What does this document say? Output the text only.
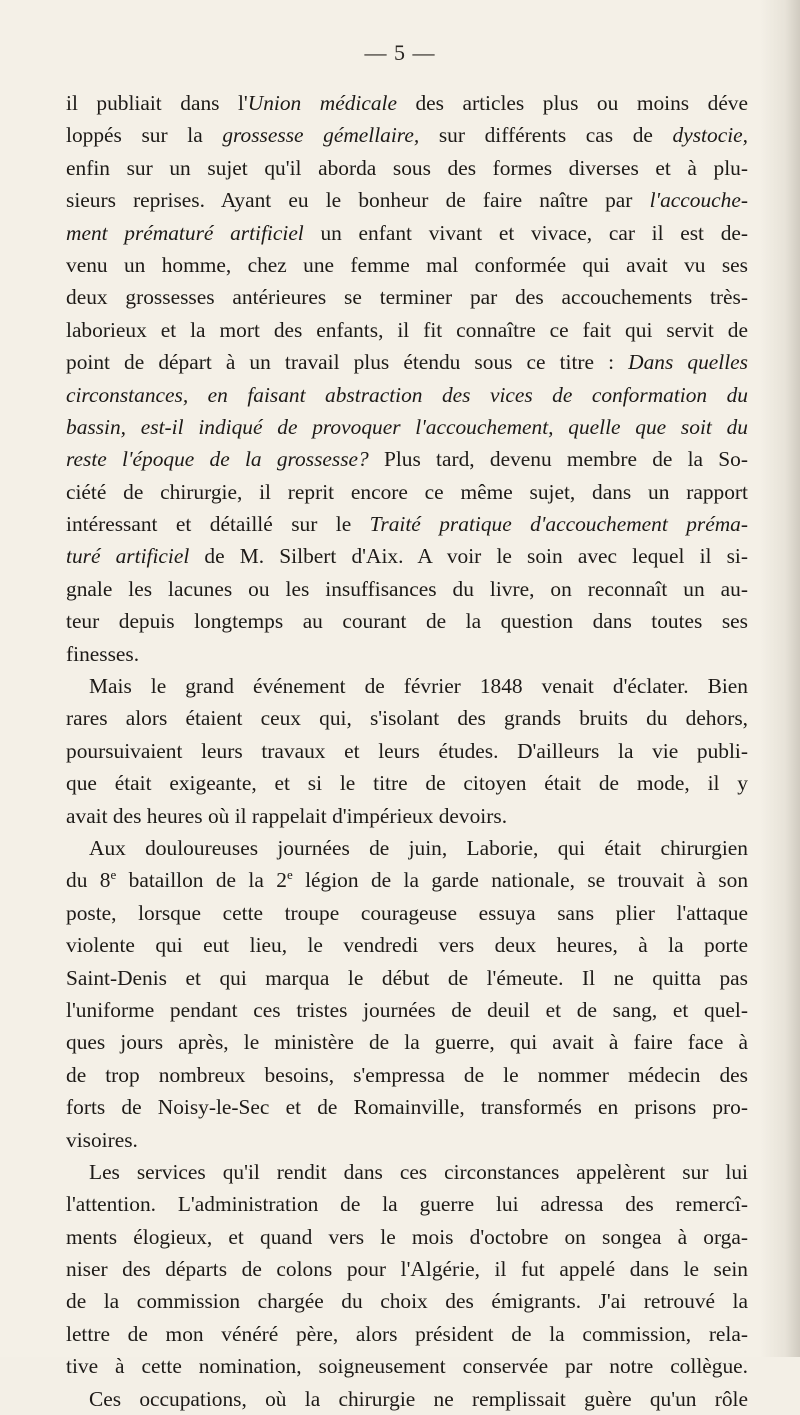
— 5 —
il publiait dans l'Union médicale des articles plus ou moins déve
loppés sur la grossesse gémellaire, sur différents cas de dystocie,
enfin sur un sujet qu'il aborda sous des formes diverses et à plu-
sieurs reprises. Ayant eu le bonheur de faire naître par l'accouche-
ment prématuré artificiel un enfant vivant et vivace, car il est de-
venu un homme, chez une femme mal conformée qui avait vu ses
deux grossesses antérieures se terminer par des accouchements très-
laborieux et la mort des enfants, il fit connaître ce fait qui servit de
point de départ à un travail plus étendu sous ce titre : Dans quelles
circonstances, en faisant abstraction des vices de conformation du
bassin, est-il indiqué de provoquer l'accouchement, quelle que soit du
reste l'époque de la grossesse? Plus tard, devenu membre de la So-
ciété de chirurgie, il reprit encore ce même sujet, dans un rapport
intéressant et détaillé sur le Traité pratique d'accouchement préma-
turé artificiel de M. Silbert d'Aix. A voir le soin avec lequel il si-
gnale les lacunes ou les insuffisances du livre, on reconnaît un au-
teur depuis longtemps au courant de la question dans toutes ses
finesses.
Mais le grand événement de février 1848 venait d'éclater. Bien
rares alors étaient ceux qui, s'isolant des grands bruits du dehors,
poursuivaient leurs travaux et leurs études. D'ailleurs la vie publi-
que était exigeante, et si le titre de citoyen était de mode, il y
avait des heures où il rappelait d'impérieux devoirs.
Aux douloureuses journées de juin, Laborie, qui était chirurgien
du 8e bataillon de la 2e légion de la garde nationale, se trouvait à son
poste, lorsque cette troupe courageuse essuya sans plier l'attaque
violente qui eut lieu, le vendredi vers deux heures, à la porte
Saint-Denis et qui marqua le début de l'émeute. Il ne quitta pas
l'uniforme pendant ces tristes journées de deuil et de sang, et quel-
ques jours après, le ministère de la guerre, qui avait à faire face à
de trop nombreux besoins, s'empressa de le nommer médecin des
forts de Noisy-le-Sec et de Romainville, transformés en prisons pro-
visoires.
Les services qu'il rendit dans ces circonstances appelèrent sur lui
l'attention. L'administration de la guerre lui adressa des remercî-
ments élogieux, et quand vers le mois d'octobre on songea à orga-
niser des départs de colons pour l'Algérie, il fut appelé dans le sein
de la commission chargée du choix des émigrants. J'ai retrouvé la
lettre de mon vénéré père, alors président de la commission, rela-
tive à cette nomination, soigneusement conservée par notre collègue.
Ces occupations, où la chirurgie ne remplissait guère qu'un rôle
